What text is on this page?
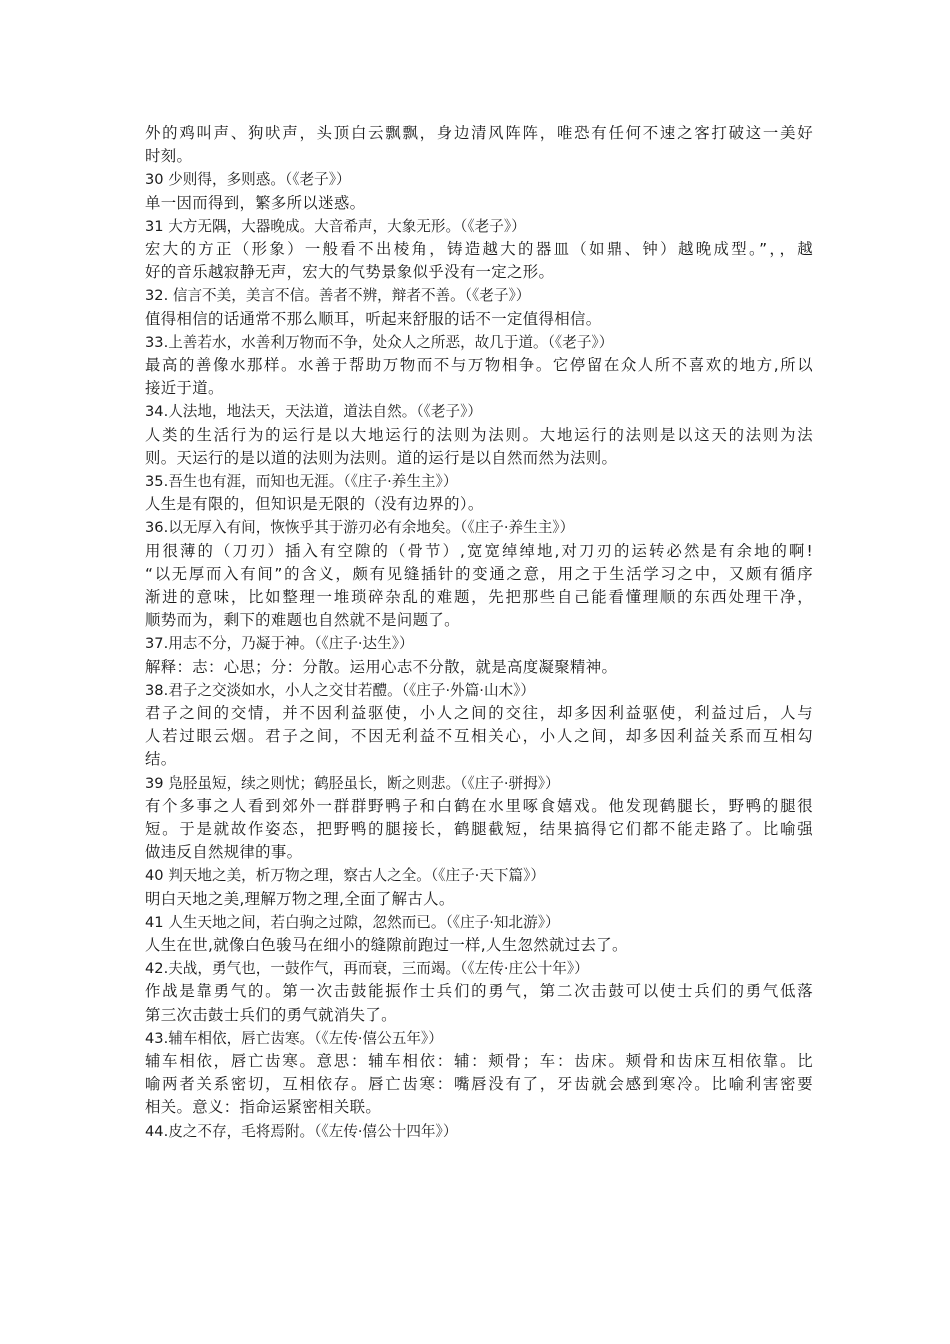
外的鸡叫声、狗吠声，头顶白云飘飘，身边清风阵阵，唯恐有任何不速之客打破这一美好
时刻。
30 少则得，多则惑。（《老子》）
单一因而得到，繁多所以迷惑。
31 大方无隅，大器晚成。大音希声，大象无形。（《老子》）
宏大的方正（形象）一般看不出棱角，铸造越大的器皿（如鼎、钟）越晚成型。”，，越
好的音乐越寂静无声，宏大的气势景象似乎没有一定之形。
32. 信言不美，美言不信。善者不辨，辩者不善。（《老子》）
值得相信的话通常不那么顺耳，听起来舒服的话不一定值得相信。
33.上善若水，水善利万物而不争，处众人之所恶，故几于道。（《老子》）
最高的善像水那样。水善于帮助万物而不与万物相争。它停留在众人所不喜欢的地方,所以
接近于道。
34.人法地，地法天，天法道，道法自然。（《老子》）
人类的生活行为的运行是以大地运行的法则为法则。大地运行的法则是以这天的法则为法
则。天运行的是以道的法则为法则。道的运行是以自然而然为法则。
35.吾生也有涯，而知也无涯。（《庄子·养生主》）
人生是有限的，但知识是无限的（没有边界的）。
36.以无厚入有间，恢恢乎其于游刃必有余地矣。（《庄子·养生主》）
用很薄的（刀刃）插入有空隙的（骨节）,宽宽绰绰地,对刀刃的运转必然是有余地的啊!
“以无厚而入有间”的含义，颇有见缝插针的变通之意，用之于生活学习之中，又颇有循序
渐进的意味，比如整理一堆琐碎杂乱的难题，先把那些自己能看懂理顺的东西处理干净，
顺势而为，剩下的难题也自然就不是问题了。
37.用志不分，乃凝于神。（《庄子·达生》）
解释：志：心思；分：分散。运用心志不分散，就是高度凝聚精神。
38.君子之交淡如水，小人之交甘若醴。（《庄子·外篇·山木》）
君子之间的交情，并不因利益驱使，小人之间的交往，却多因利益驱使，利益过后，人与
人若过眼云烟。君子之间，不因无利益不互相关心，小人之间，却多因利益关系而互相勾
结。
39 凫胫虽短，续之则忧；鹤胫虽长，断之则悲。（《庄子·骈拇》）
有个多事之人看到郊外一群群野鸭子和白鹤在水里啄食嬉戏。他发现鹤腿长，野鸭的腿很
短。于是就故作姿态，把野鸭的腿接长，鹤腿截短，结果搞得它们都不能走路了。比喻强
做违反自然规律的事。
40 判天地之美，析万物之理，察古人之全。（《庄子·天下篇》）
明白天地之美,理解万物之理,全面了解古人。
41 人生天地之间，若白驹之过隙，忽然而已。（《庄子·知北游》）
人生在世,就像白色骏马在细小的缝隙前跑过一样,人生忽然就过去了。
42.夫战，勇气也，一鼓作气，再而衰，三而竭。（《左传·庄公十年》）
作战是靠勇气的。第一次击鼓能振作士兵们的勇气，第二次击鼓可以使士兵们的勇气低落
第三次击鼓士兵们的勇气就消失了。
43.辅车相依，唇亡齿寒。（《左传·僖公五年》）
辅车相依，唇亡齿寒。意思：辅车相依：辅：颊骨；车：齿床。颊骨和齿床互相依靠。比
喻两者关系密切，互相依存。唇亡齿寒：嘴唇没有了，牙齿就会感到寒冷。比喻利害密要
相关。意义：指命运紧密相关联。
44.皮之不存，毛将焉附。（《左传·僖公十四年》）
